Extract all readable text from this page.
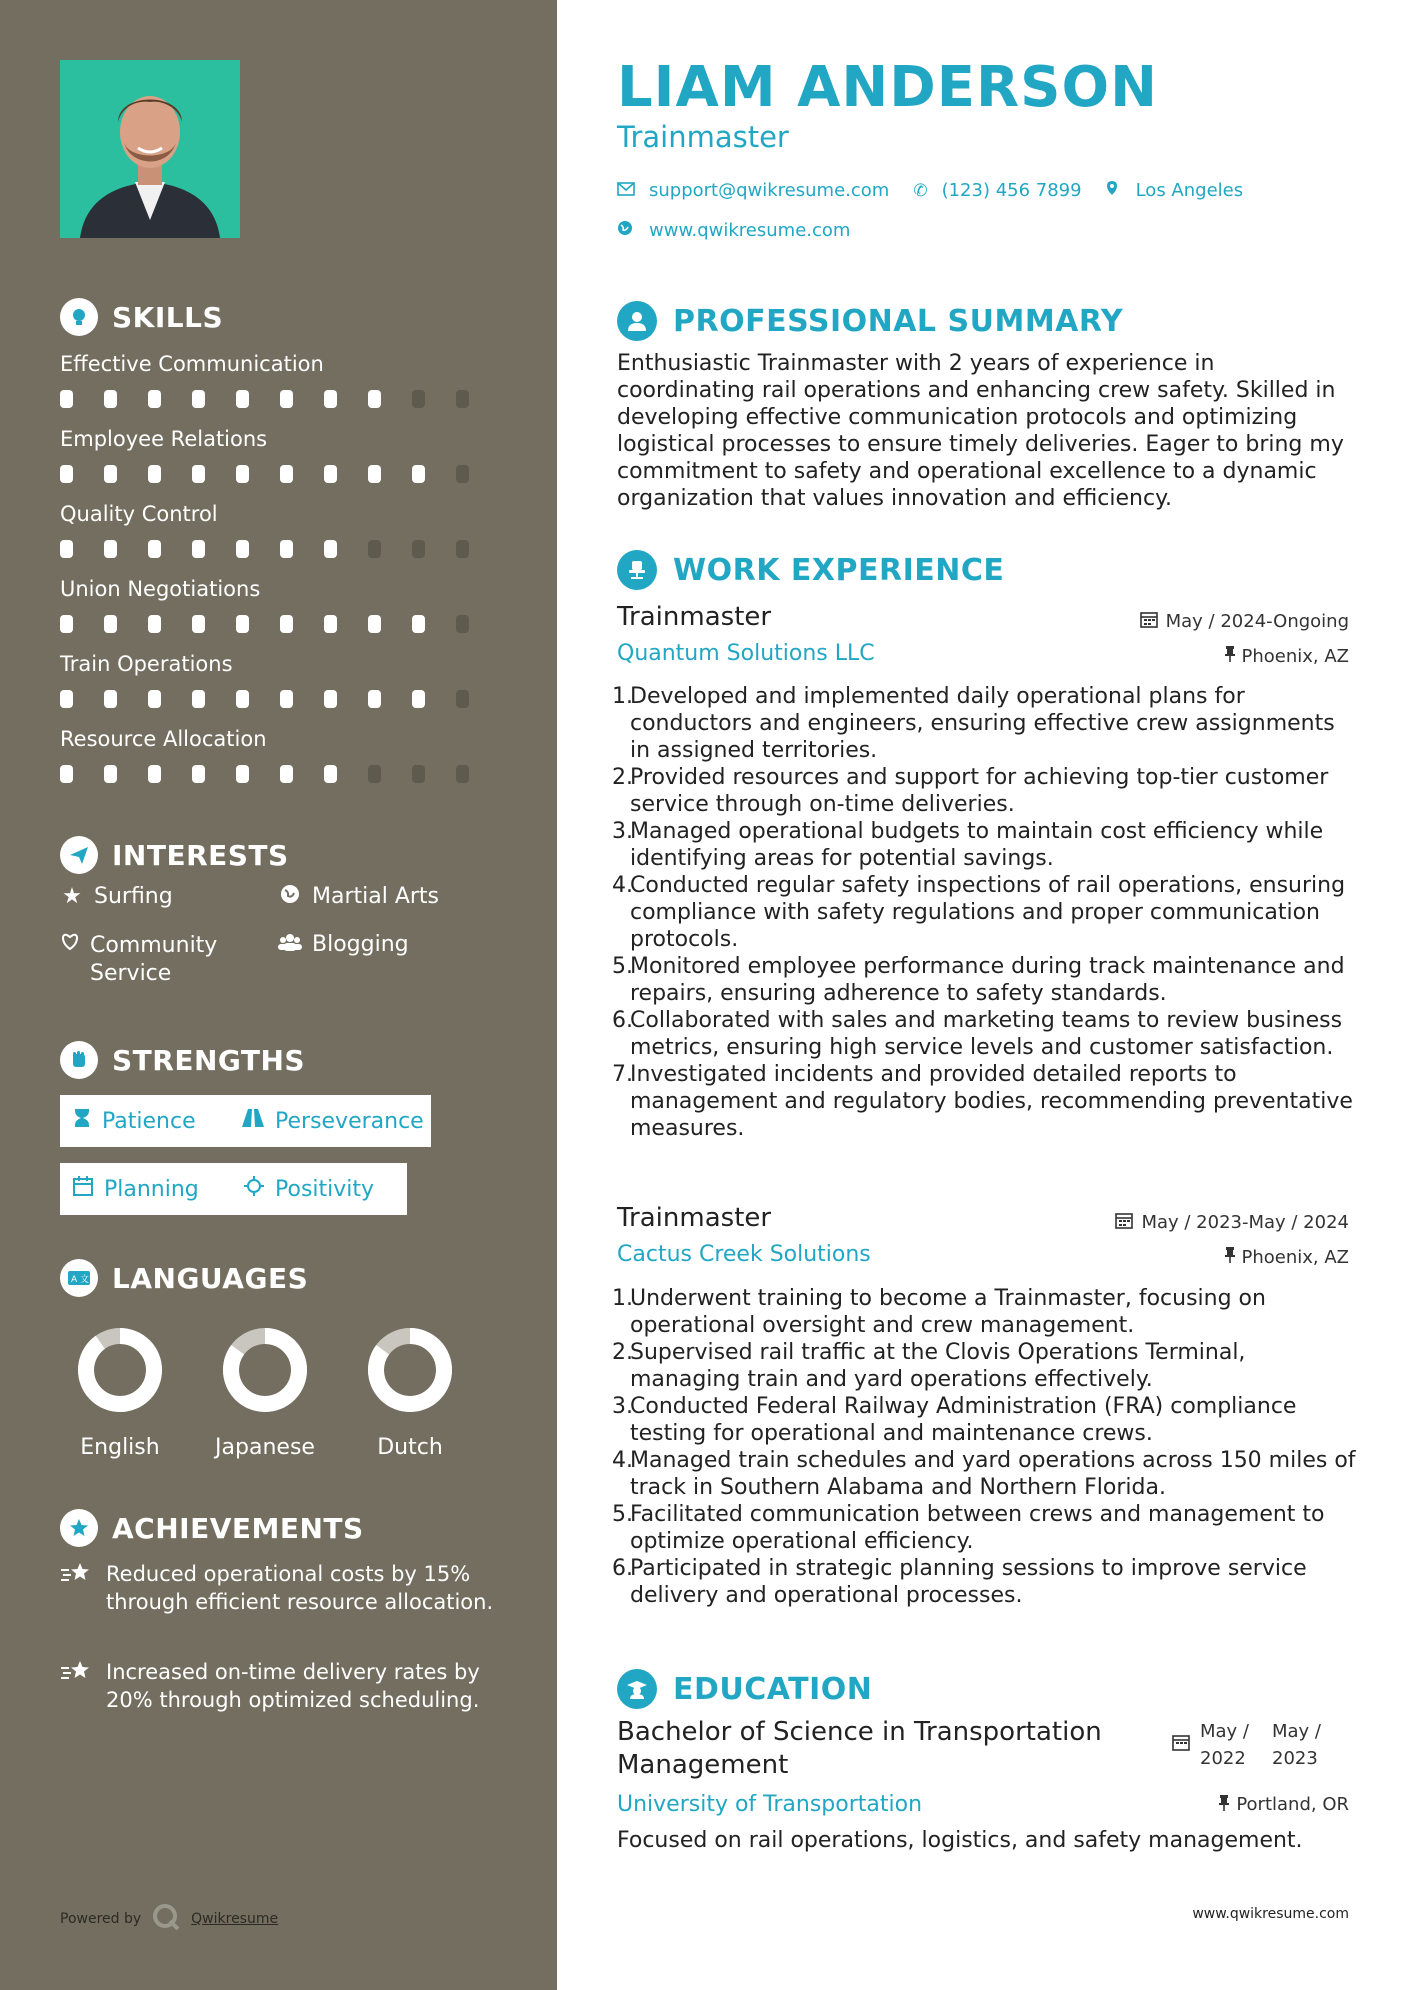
SKILLS
Effective Communication
Employee Relations
Quality Control
Union Negotiations
Train Operations
Resource Allocation
INTERESTS
★ Surfing	Martial Arts
Community Service
Blogging
STRENGTHS
Patience	Perseverance
Planning	Positivity
A 文 LANGUAGES
English	Japanese	Dutch
ACHIEVEMENTS
Reduced operational costs by 15% through efficient resource allocation.
Increased on-time delivery rates by 20% through optimized scheduling.
Powered by	Qwikresume
LIAM ANDERSON
Trainmaster
support@qwikresume.com ✆ (123) 456 7899	Los Angeles
www.qwikresume.com
PROFESSIONAL SUMMARY
Enthusiastic Trainmaster with 2 years of experience in coordinating rail operations and enhancing crew safety. Skilled in developing effective communication protocols and optimizing logistical processes to ensure timely deliveries. Eager to bring my commitment to safety and operational excellence to a dynamic organization that values innovation and efficiency.
WORK EXPERIENCE
Trainmaster	May / 2024-Ongoing
Quantum Solutions LLC	Phoenix, AZ
1.
Developed and implemented daily operational plans for conductors and engineers, ensuring effective crew assignments in assigned territories.
2.
Provided resources and support for achieving top-tier customer service through on-time deliveries.
3.
Managed operational budgets to maintain cost efficiency while identifying areas for potential savings.
4.
Conducted regular safety inspections of rail operations, ensuring compliance with safety regulations and proper communication protocols.
5.
Monitored employee performance during track maintenance and repairs, ensuring adherence to safety standards.
6.
Collaborated with sales and marketing teams to review business metrics, ensuring high service levels and customer satisfaction.
7.
Investigated incidents and provided detailed reports to management and regulatory bodies, recommending preventative measures.
Trainmaster	May / 2023-May / 2024
Cactus Creek Solutions	Phoenix, AZ
1.
Underwent training to become a Trainmaster, focusing on operational oversight and crew management.
2.
Supervised rail traffic at the Clovis Operations Terminal, managing train and yard operations effectively.
3.
Conducted Federal Railway Administration (FRA) compliance testing for operational and maintenance crews.
4.
Managed train schedules and yard operations across 150 miles of track in Southern Alabama and Northern Florida.
5.
Facilitated communication between crews and management to optimize operational efficiency.
6.
Participated in strategic planning sessions to improve service delivery and operational processes.
EDUCATION
Bachelor of Science in Transportation Management
May / 2022
May / 2023
University of Transportation	Portland, OR
Focused on rail operations, logistics, and safety management.
www.qwikresume.com
